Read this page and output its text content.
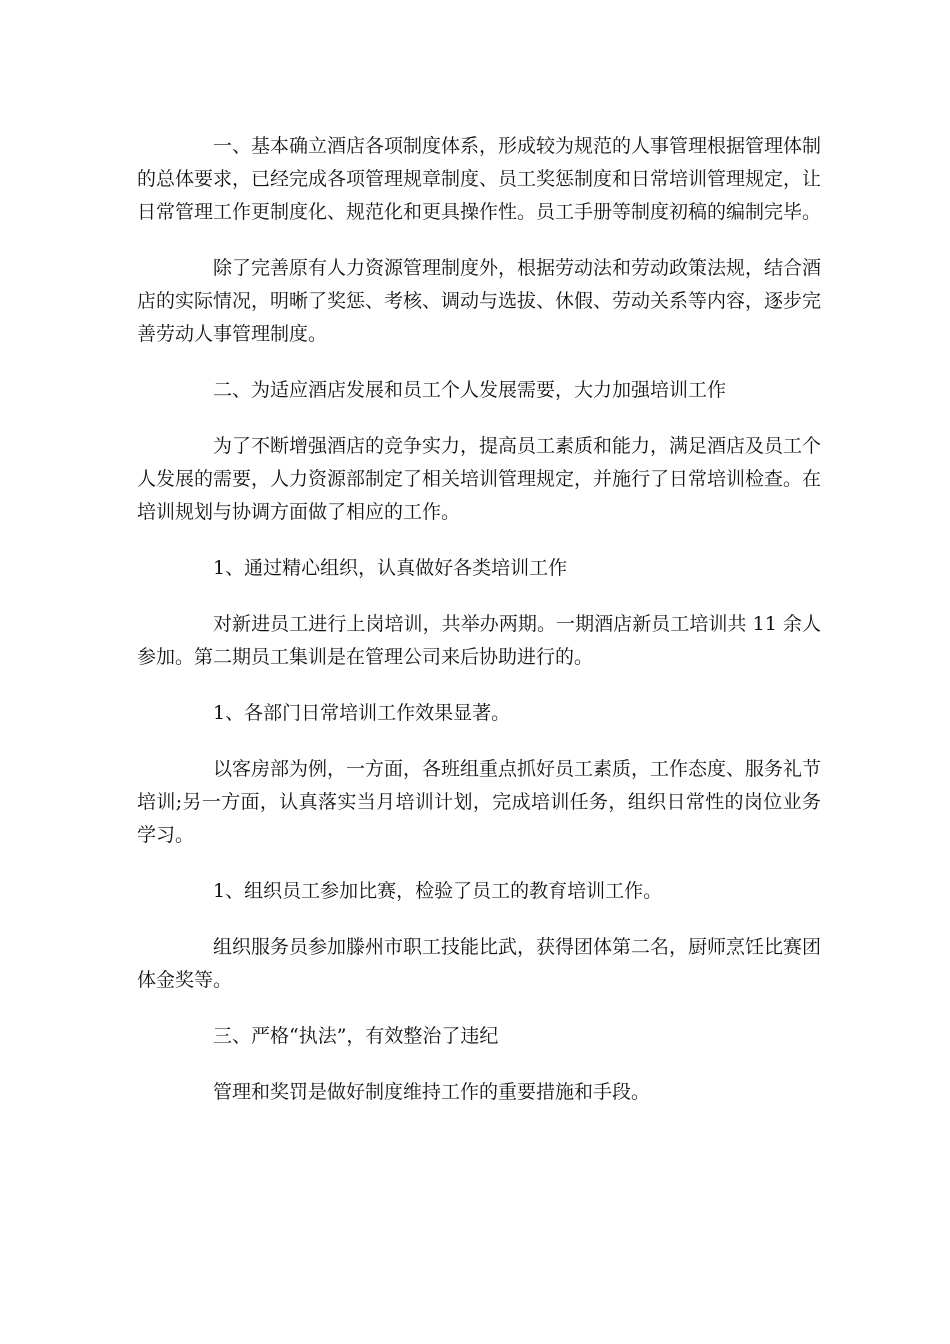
一、基本确立酒店各项制度体系，形成较为规范的人事管理根据管理体制的总体要求，已经完成各项管理规章制度、员工奖惩制度和日常培训管理规定，让日常管理工作更制度化、规范化和更具操作性。员工手册等制度初稿的编制完毕。

除了完善原有人力资源管理制度外，根据劳动法和劳动政策法规，结合酒店的实际情况，明晰了奖惩、考核、调动与选拔、休假、劳动关系等内容，逐步完善劳动人事管理制度。

二、为适应酒店发展和员工个人发展需要，大力加强培训工作

为了不断增强酒店的竞争实力，提高员工素质和能力，满足酒店及员工个人发展的需要，人力资源部制定了相关培训管理规定，并施行了日常培训检查。在培训规划与协调方面做了相应的工作。

1、通过精心组织，认真做好各类培训工作

对新进员工进行上岗培训，共举办两期。一期酒店新员工培训共 11 余人参加。第二期员工集训是在管理公司来后协助进行的。

1、各部门日常培训工作效果显著。

以客房部为例，一方面，各班组重点抓好员工素质，工作态度、服务礼节培训;另一方面，认真落实当月培训计划，完成培训任务，组织日常性的岗位业务学习。

1、组织员工参加比赛，检验了员工的教育培训工作。

组织服务员参加滕州市职工技能比武，获得团体第二名，厨师烹饪比赛团体金奖等。

三、严格“执法”，有效整治了违纪

管理和奖罚是做好制度维持工作的重要措施和手段。
